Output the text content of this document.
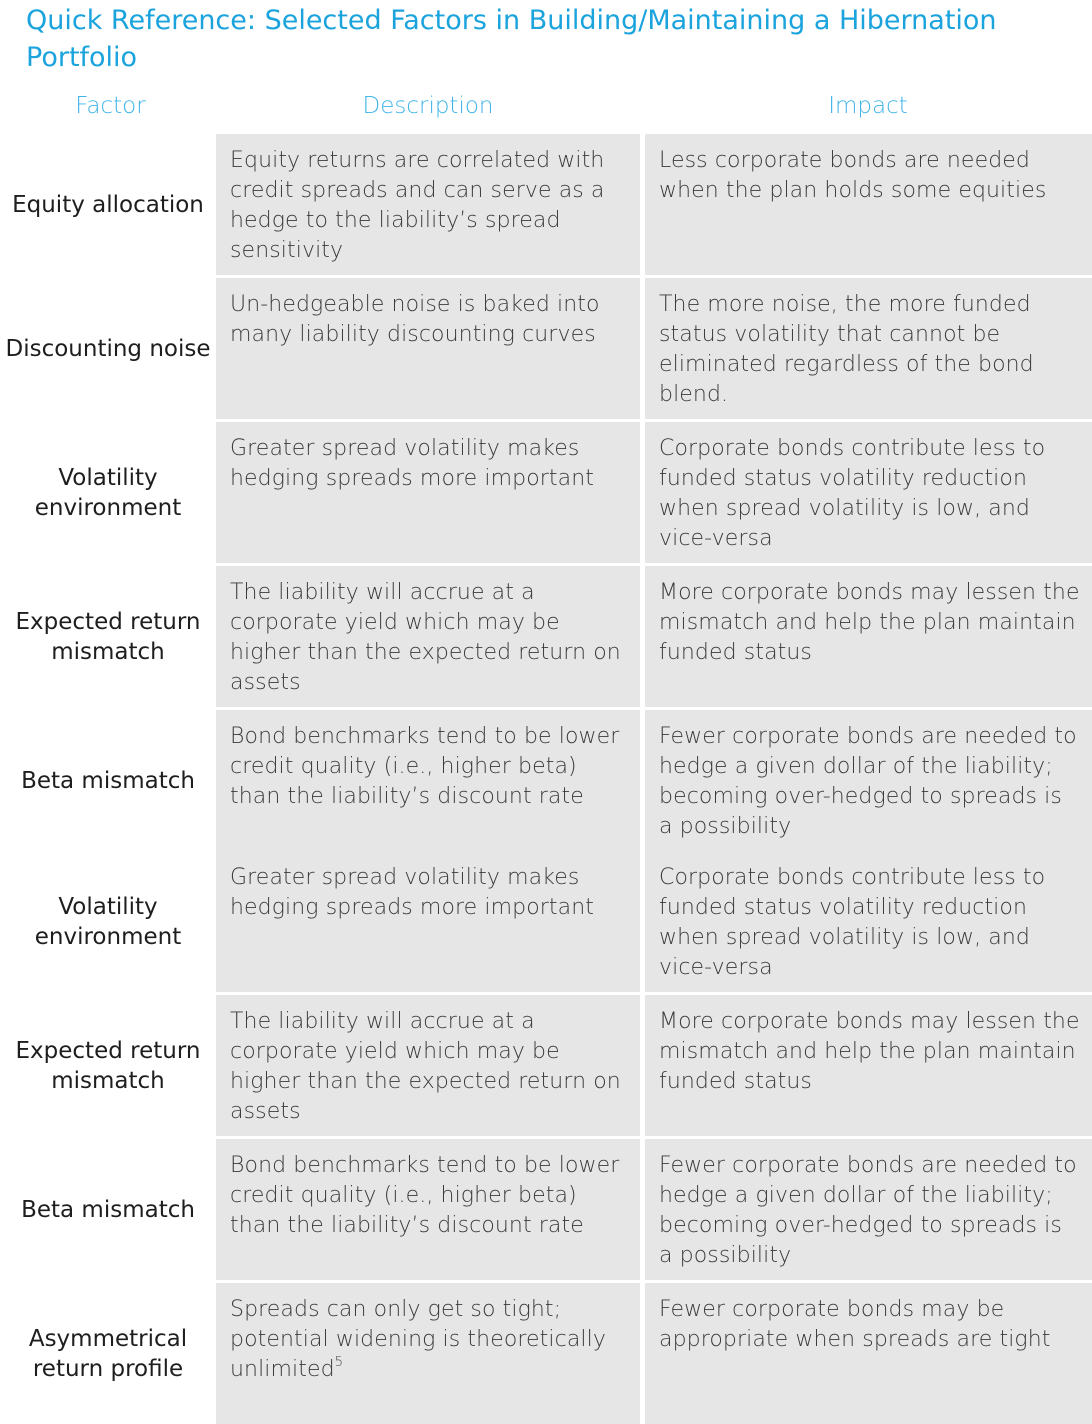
Quick Reference: Selected Factors in Building/Maintaining a Hibernation Portfolio
Factor	Description	Impact
Equity allocation
Equity returns are correlated with credit spreads and can serve as a hedge to the liability’s spread sensitivity
Less corporate bonds are needed when the plan holds some equities
Discounting noise
Un-hedgeable noise is baked into many liability discounting curves
The more noise, the more funded status volatility that cannot be eliminated regardless of the bond blend.
Volatility environment
Greater spread volatility makes hedging spreads more important
Corporate bonds contribute less to funded status volatility reduction when spread volatility is low, and vice-versa
Expected return mismatch
The liability will accrue at a corporate yield which may be higher than the expected return on assets
More corporate bonds may lessen the mismatch and help the plan maintain funded status
Beta mismatch
Bond benchmarks tend to be lower credit quality (i.e., higher beta) than the liability’s discount rate
Fewer corporate bonds are needed to hedge a given dollar of the liability; becoming over-hedged to spreads is a possibility
Volatility environment
Greater spread volatility makes hedging spreads more important
Corporate bonds contribute less to funded status volatility reduction when spread volatility is low, and vice-versa
Expected return mismatch
The liability will accrue at a corporate yield which may be higher than the expected return on assets
More corporate bonds may lessen the mismatch and help the plan maintain funded status
Beta mismatch
Bond benchmarks tend to be lower credit quality (i.e., higher beta) than the liability’s discount rate
Fewer corporate bonds are needed to hedge a given dollar of the liability; becoming over-hedged to spreads is a possibility
Asymmetrical return profile
Spreads can only get so tight; potential widening is theoretically unlimited$^5$
Fewer corporate bonds may be appropriate when spreads are tight
